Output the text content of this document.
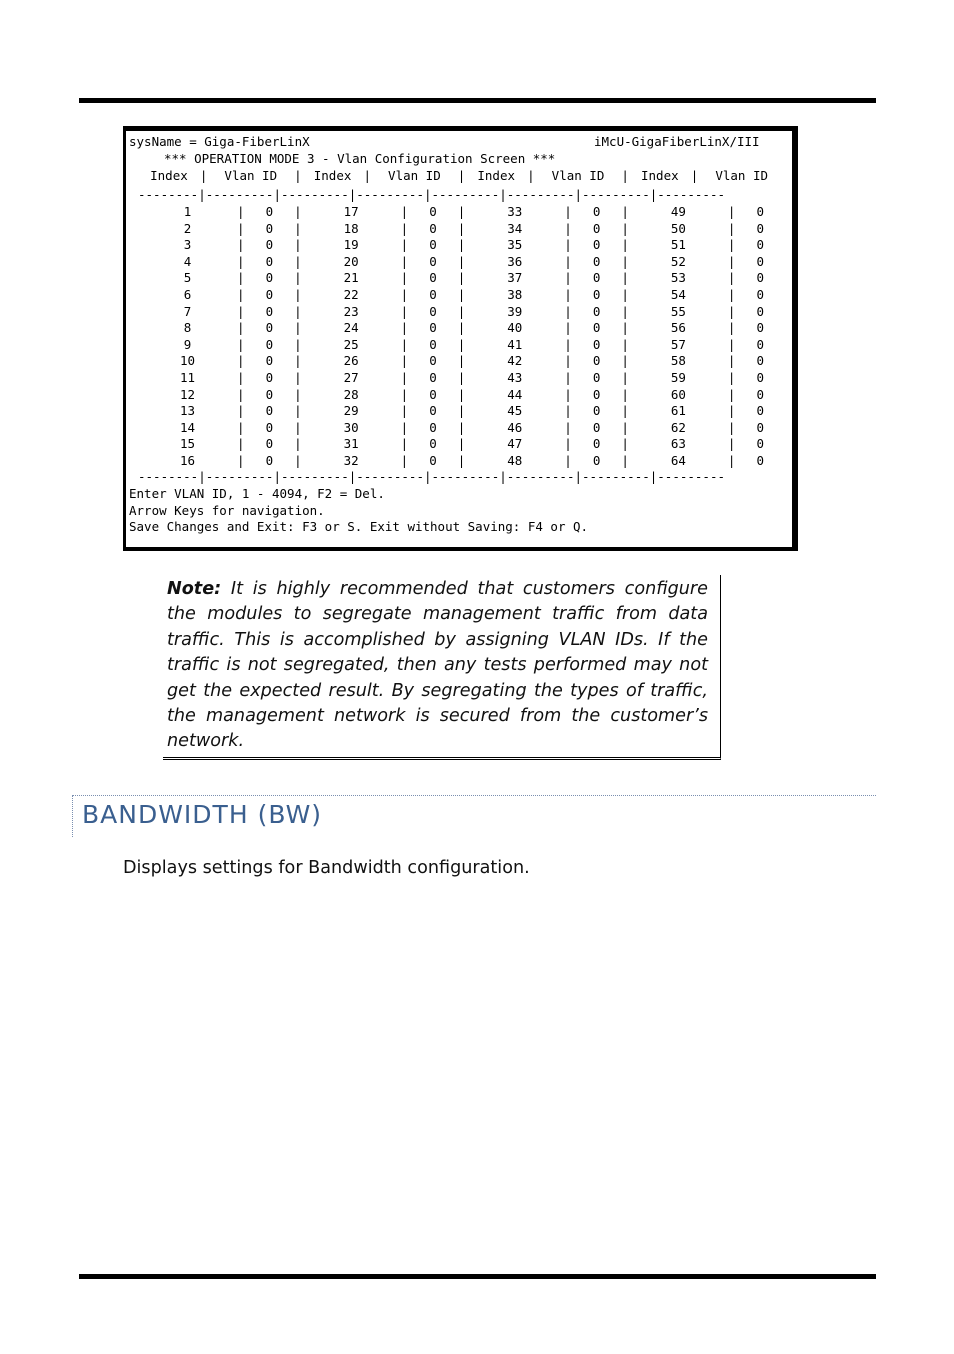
sysName = Giga-FiberLinX	iMcU-GigaFiberLinX/III
*** OPERATION MODE 3 - Vlan Configuration Screen ***
Index	|	Vlan ID	|	Index	|	Vlan ID	|	Index	|	Vlan ID	|	Index	|	Vlan ID
--------|---------|---------|---------|---------|---------|---------|---------
1	|	0	|	17	|	0	|	33	|	0	|	49	|	0
2	|	0	|	18	|	0	|	34	|	0	|	50	|	0
3	|	0	|	19	|	0	|	35	|	0	|	51	|	0
4	|	0	|	20	|	0	|	36	|	0	|	52	|	0
5	|	0	|	21	|	0	|	37	|	0	|	53	|	0
6	|	0	|	22	|	0	|	38	|	0	|	54	|	0
7	|	0	|	23	|	0	|	39	|	0	|	55	|	0
8	|	0	|	24	|	0	|	40	|	0	|	56	|	0
9	|	0	|	25	|	0	|	41	|	0	|	57	|	0
10	|	0	|	26	|	0	|	42	|	0	|	58	|	0
11	|	0	|	27	|	0	|	43	|	0	|	59	|	0
12	|	0	|	28	|	0	|	44	|	0	|	60	|	0
13	|	0	|	29	|	0	|	45	|	0	|	61	|	0
14	|	0	|	30	|	0	|	46	|	0	|	62	|	0
15	|	0	|	31	|	0	|	47	|	0	|	63	|	0
16	|	0	|	32	|	0	|	48	|	0	|	64	|	0
--------|---------|---------|---------|---------|---------|---------|---------
Enter VLAN ID, 1 - 4094, F2 = Del.
Arrow Keys for navigation.
Save Changes and Exit: F3 or S. Exit without Saving: F4 or Q.
Note: It is highly recommended that customers configure the modules to segregate management traffic from data traffic. This is accomplished by assigning VLAN IDs. If the traffic is not segregated, then any tests performed may not get the expected result. By segregating the types of traffic, the management network is secured from the customer’s network.
BANDWIDTH (BW)
Displays settings for Bandwidth configuration.
